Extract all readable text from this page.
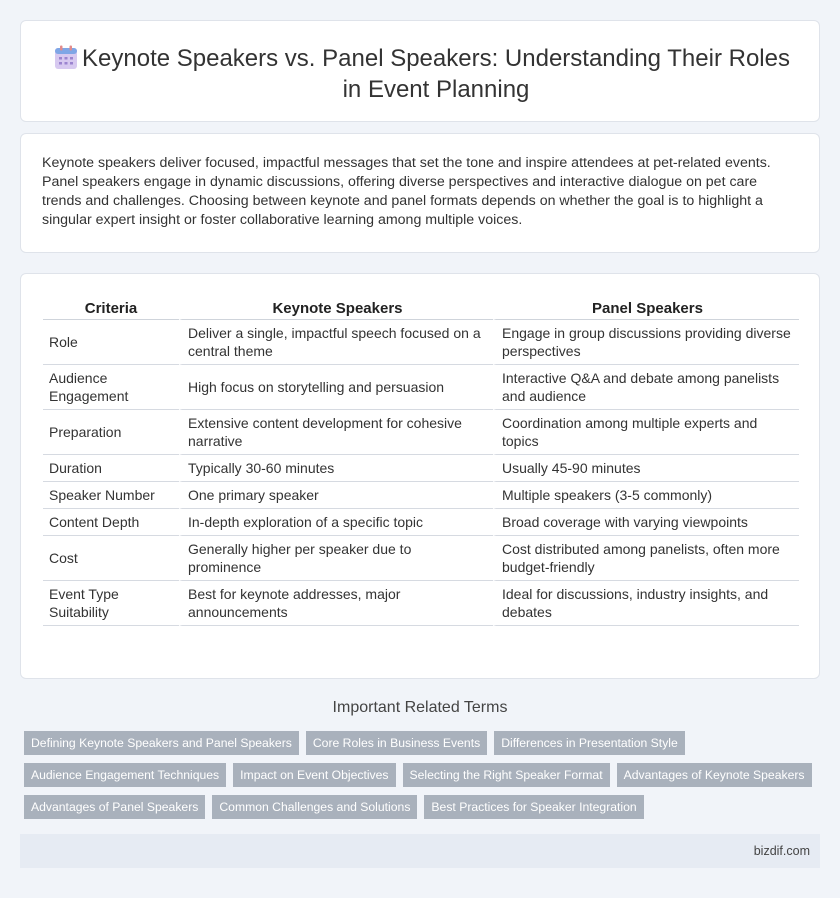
Keynote Speakers vs. Panel Speakers: Understanding Their Roles in Event Planning

Keynote speakers deliver focused, impactful messages that set the tone and inspire attendees at pet-related events. Panel speakers engage in dynamic discussions, offering diverse perspectives and interactive dialogue on pet care trends and challenges. Choosing between keynote and panel formats depends on whether the goal is to highlight a singular expert insight or foster collaborative learning among multiple voices.

Criteria	Keynote Speakers	Panel Speakers
Role	Deliver a single, impactful speech focused on a central theme	Engage in group discussions providing diverse perspectives
Audience Engagement	High focus on storytelling and persuasion	Interactive Q&A and debate among panelists and audience
Preparation	Extensive content development for cohesive narrative	Coordination among multiple experts and topics
Duration	Typically 30-60 minutes	Usually 45-90 minutes
Speaker Number	One primary speaker	Multiple speakers (3-5 commonly)
Content Depth	In-depth exploration of a specific topic	Broad coverage with varying viewpoints
Cost	Generally higher per speaker due to prominence	Cost distributed among panelists, often more budget-friendly
Event Type Suitability	Best for keynote addresses, major announcements	Ideal for discussions, industry insights, and debates
Important Related Terms
Defining Keynote Speakers and Panel Speakers	Core Roles in Business Events	Differences in Presentation Style
Audience Engagement Techniques	Impact on Event Objectives	Selecting the Right Speaker Format	Advantages of Keynote Speakers
Advantages of Panel Speakers	Common Challenges and Solutions	Best Practices for Speaker Integration
bizdif.com
